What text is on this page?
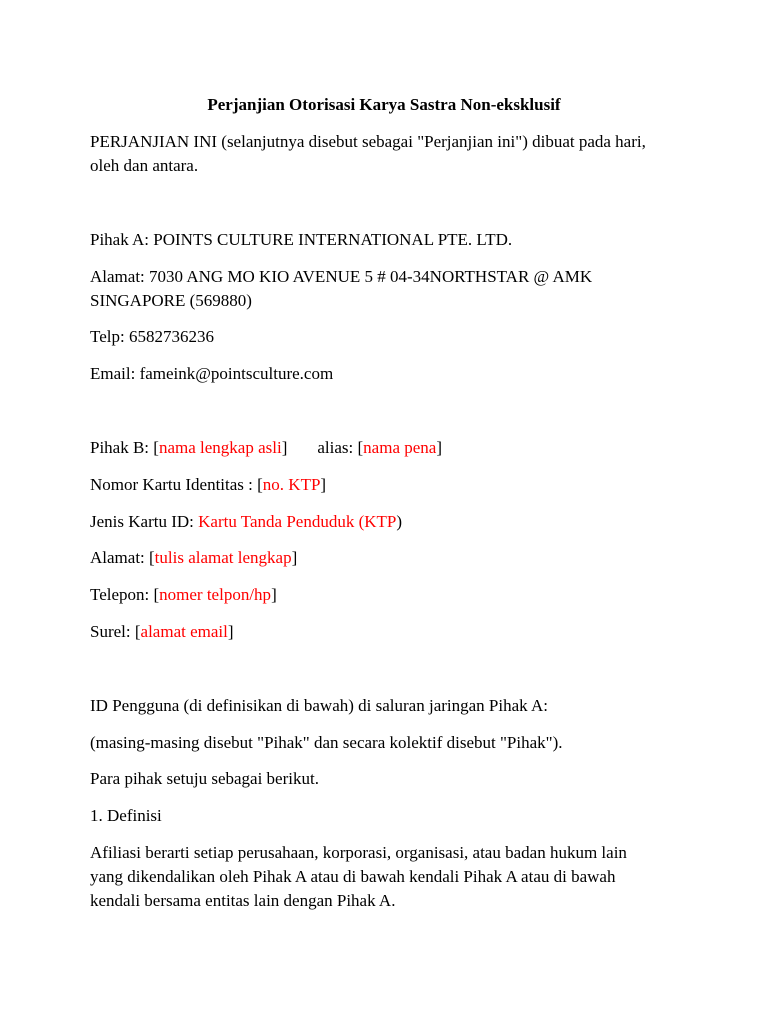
Perjanjian Otorisasi Karya Sastra Non-eksklusif
PERJANJIAN INI (selanjutnya disebut sebagai "Perjanjian ini") dibuat pada hari,
oleh dan antara.
Pihak A: POINTS CULTURE INTERNATIONAL PTE. LTD.
Alamat: 7030 ANG MO KIO AVENUE 5 # 04-34NORTHSTAR @ AMK
SINGAPORE (569880)
Telp: 6582736236
Email: fameink@pointsculture.com
Pihak B: [nama lengkap asli] alias: [nama pena]
Nomor Kartu Identitas : [no. KTP]
Jenis Kartu ID: Kartu Tanda Penduduk (KTP)
Alamat: [tulis alamat lengkap]
Telepon: [nomer telpon/hp]
Surel: [alamat email]
ID Pengguna (di definisikan di bawah) di saluran jaringan Pihak A:
(masing-masing disebut "Pihak" dan secara kolektif disebut "Pihak").
Para pihak setuju sebagai berikut.
1. Definisi
Afiliasi berarti setiap perusahaan, korporasi, organisasi, atau badan hukum lain
yang dikendalikan oleh Pihak A atau di bawah kendali Pihak A atau di bawah
kendali bersama entitas lain dengan Pihak A.
